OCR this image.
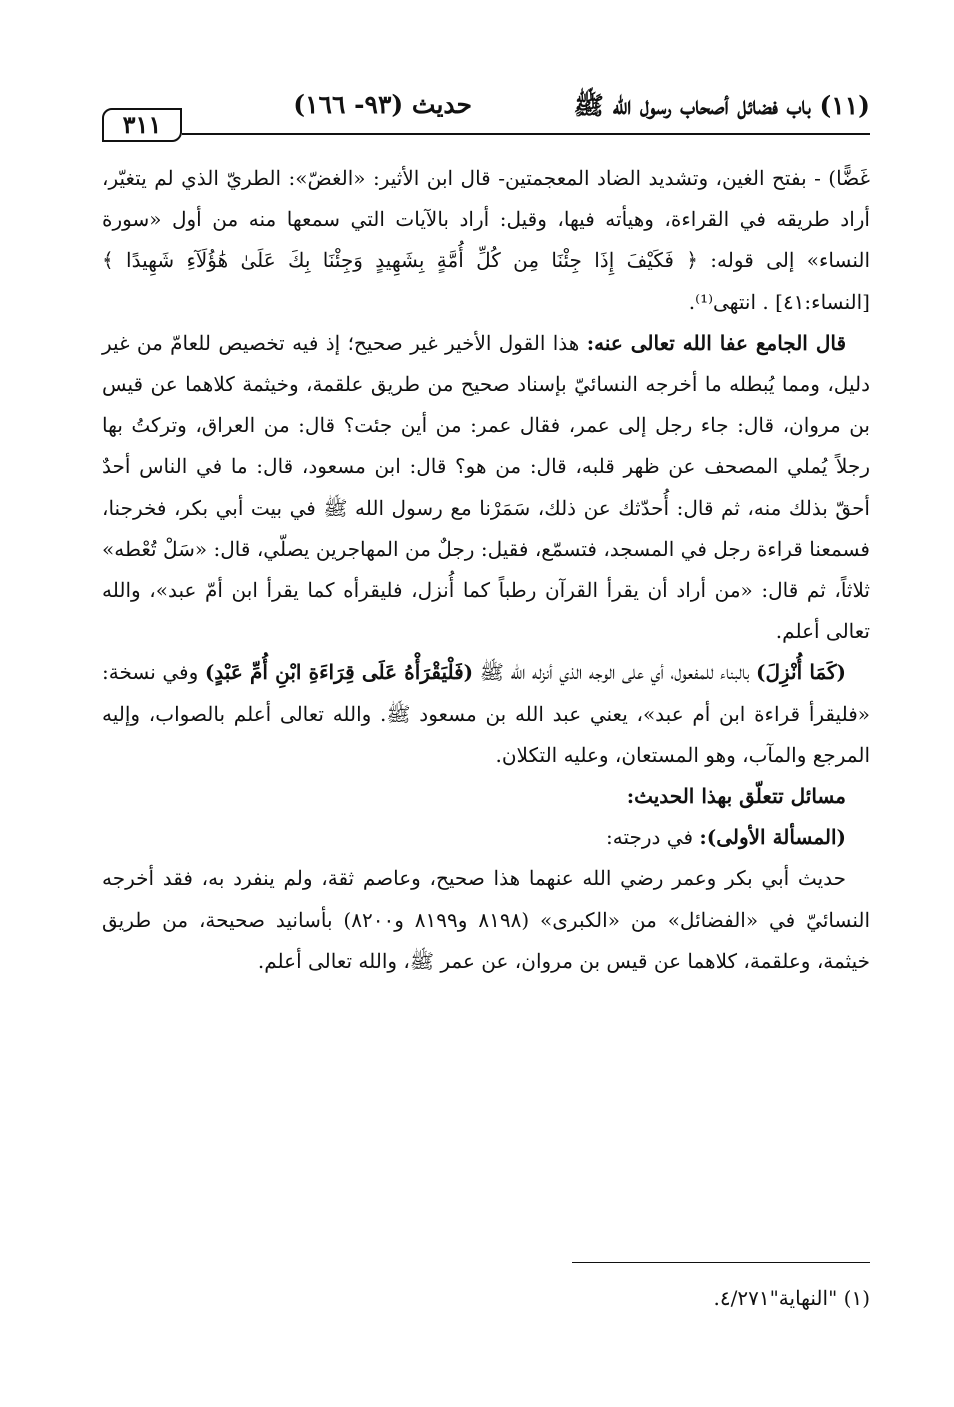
(١١) باب فضائل أصحاب رسول الله ﷺ
حديث (٩٣- ١٦٦)
٣١١

غَضًّا) - بفتح الغين، وتشديد الضاد المعجمتين- قال ابن الأثير: «الغضّ»: الطريّ الذي لم يتغيّر، أراد طريقه في القراءة، وهيأته فيها، وقيل: أراد بالآيات التي سمعها منه من أول «سورة النساء» إلى قوله: ﴿ فَكَيْفَ إِذَا جِئْنَا مِن كُلِّ أُمَّةٍ بِشَهِيدٍ وَجِئْنَا بِكَ عَلَىٰ هَٰؤُلَآءِ شَهِيدًا ﴾ [النساء:٤١] . انتهى⁽¹⁾.

قال الجامع عفا الله تعالى عنه: هذا القول الأخير غير صحيح؛ إذ فيه تخصيص للعامّ من غير دليل، ومما يُبطله ما أخرجه النسائيّ بإسناد صحيح من طريق علقمة، وخيثمة كلاهما عن قيس بن مروان، قال: جاء رجل إلى عمر، فقال عمر: من أين جئت؟ قال: من العراق، وتركتُ بها رجلاً يُملي المصحف عن ظهر قلبه، قال: من هو؟ قال: ابن مسعود، قال: ما في الناس أحدٌ أحقّ بذلك منه، ثم قال: أُحدّثك عن ذلك، سَمَرْنا مع رسول الله ﷺ في بيت أبي بكر، فخرجنا، فسمعنا قراءة رجل في المسجد، فتسمّع، فقيل: رجلٌ من المهاجرين يصلّي، قال: «سَلْ تُعْطه» ثلاثاً، ثم قال: «من أراد أن يقرأ القرآن رطباً كما أُنزل، فليقرأه كما يقرأ ابن أمّ عبد»، والله تعالى أعلم.

(كَمَا أُنْزِلَ) بالبناء للمفعول، أي على الوجه الذي أنزله الله ﷺ (فَلْيَقْرَأْهُ عَلَى قِرَاءَةِ ابْنِ أُمِّ عَبْدٍ) وفي نسخة: «فليقرأ قراءة ابن أم عبد»، يعني عبد الله بن مسعود ﷺ. والله تعالى أعلم بالصواب، وإليه المرجع والمآب، وهو المستعان، وعليه التكلان.

مسائل تتعلّق بهذا الحديث:

(المسألة الأولى): في درجته:

حديث أبي بكر وعمر رضي الله عنهما هذا صحيح، وعاصم ثقة، ولم ينفرد به، فقد أخرجه النسائيّ في «الفضائل» من «الكبرى» (٨١٩٨ و٨١٩٩ و٨٢٠٠) بأسانيد صحيحة، من طريق خيثمة، وعلقمة، كلاهما عن قيس بن مروان، عن عمر ﷺ، والله تعالى أعلم.

(١) "النهاية"٤/٢٧١.
